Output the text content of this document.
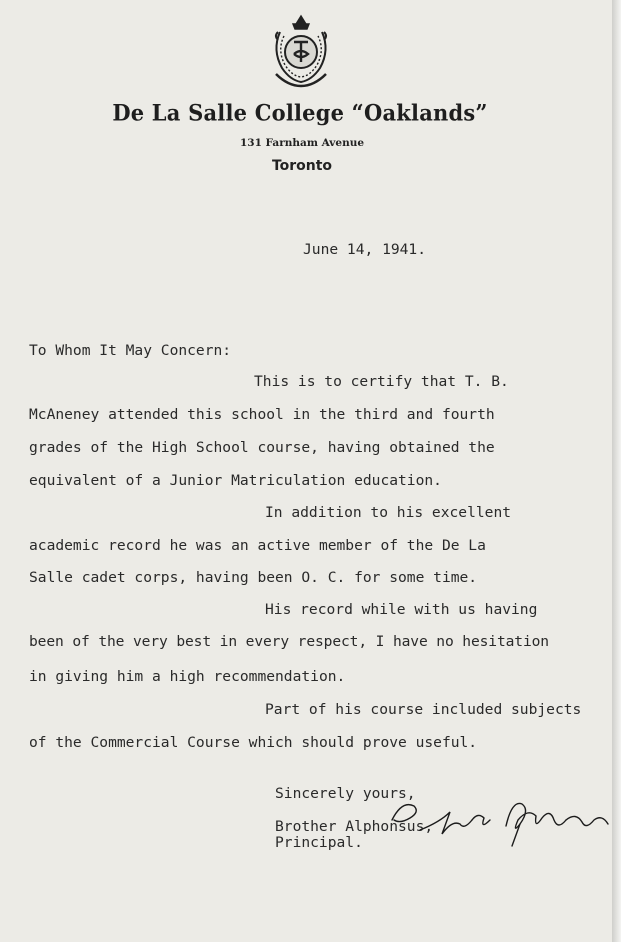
De La Salle College “Oaklands”
131 Farnham Avenue
Toronto
June 14, 1941.
To Whom It May Concern:
This is to certify that T. B.
McAneney attended this school in the third and fourth
grades of the High School course, having obtained the
equivalent of a Junior Matriculation education.
In addition to his excellent
academic record he was an active member of the De La
Salle cadet corps, having been O. C. for some time.
His record while with us having
been of the very best in every respect, I have no hesitation
in giving him a high recommendation.
Part of his course included subjects
of the Commercial Course which should prove useful.
Sincerely yours,
Brother Alphonsus,
Principal.
